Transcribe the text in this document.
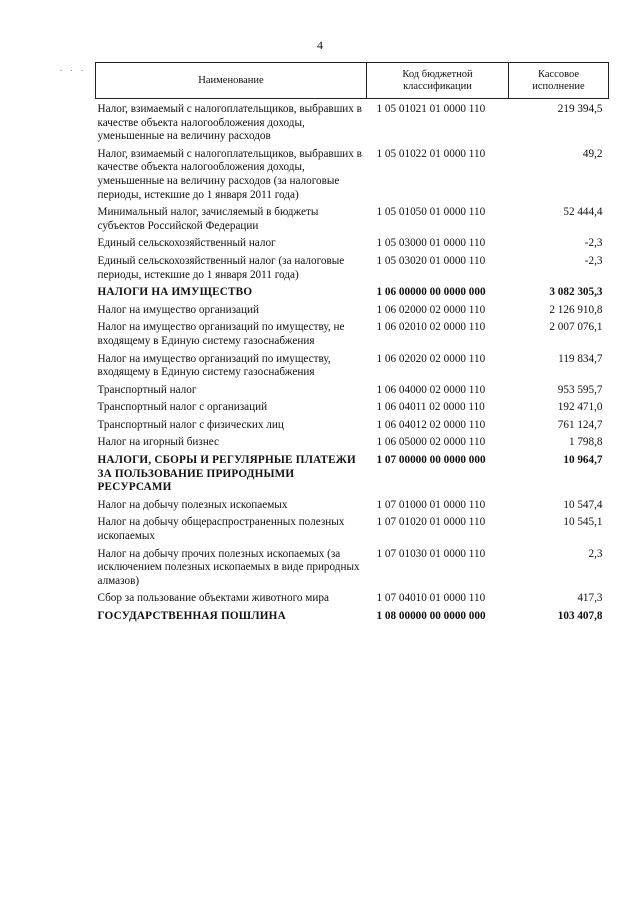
4
. . .
Наименование	Код бюджетной классификации	Кассовое исполнение
Налог, взимаемый с налогоплательщиков, выбравших в качестве объекта налогообложения доходы, уменьшенные на величину расходов	1 05 01021 01 0000 110	219 394,5
Налог, взимаемый с налогоплательщиков, выбравших в качестве объекта налогообложения доходы, уменьшенные на величину расходов (за налоговые периоды, истекшие до 1 января 2011 года)	1 05 01022 01 0000 110	49,2
Минимальный налог, зачисляемый в бюджеты субъектов Российской Федерации	1 05 01050 01 0000 110	52 444,4
Единый сельскохозяйственный налог	1 05 03000 01 0000 110	-2,3
Единый сельскохозяйственный налог (за налоговые периоды, истекшие до 1 января 2011 года)	1 05 03020 01 0000 110	-2,3
НАЛОГИ НА ИМУЩЕСТВО	1 06 00000 00 0000 000	3 082 305,3
Налог на имущество организаций	1 06 02000 02 0000 110	2 126 910,8
Налог на имущество организаций по имуществу, не входящему в Единую систему газоснабжения	1 06 02010 02 0000 110	2 007 076,1
Налог на имущество организаций по имуществу, входящему в Единую систему газоснабжения	1 06 02020 02 0000 110	119 834,7
Транспортный налог	1 06 04000 02 0000 110	953 595,7
Транспортный налог с организаций	1 06 04011 02 0000 110	192 471,0
Транспортный налог с физических лиц	1 06 04012 02 0000 110	761 124,7
Налог на игорный бизнес	1 06 05000 02 0000 110	1 798,8
НАЛОГИ, СБОРЫ И РЕГУЛЯРНЫЕ ПЛАТЕЖИ ЗА ПОЛЬЗОВАНИЕ ПРИРОДНЫМИ РЕСУРСАМИ	1 07 00000 00 0000 000	10 964,7
Налог на добычу полезных ископаемых	1 07 01000 01 0000 110	10 547,4
Налог на добычу общераспространенных полезных ископаемых	1 07 01020 01 0000 110	10 545,1
Налог на добычу прочих полезных ископаемых (за исключением полезных ископаемых в виде природных алмазов)	1 07 01030 01 0000 110	2,3
Сбор за пользование объектами животного мира	1 07 04010 01 0000 110	417,3
ГОСУДАРСТВЕННАЯ ПОШЛИНА	1 08 00000 00 0000 000	103 407,8
